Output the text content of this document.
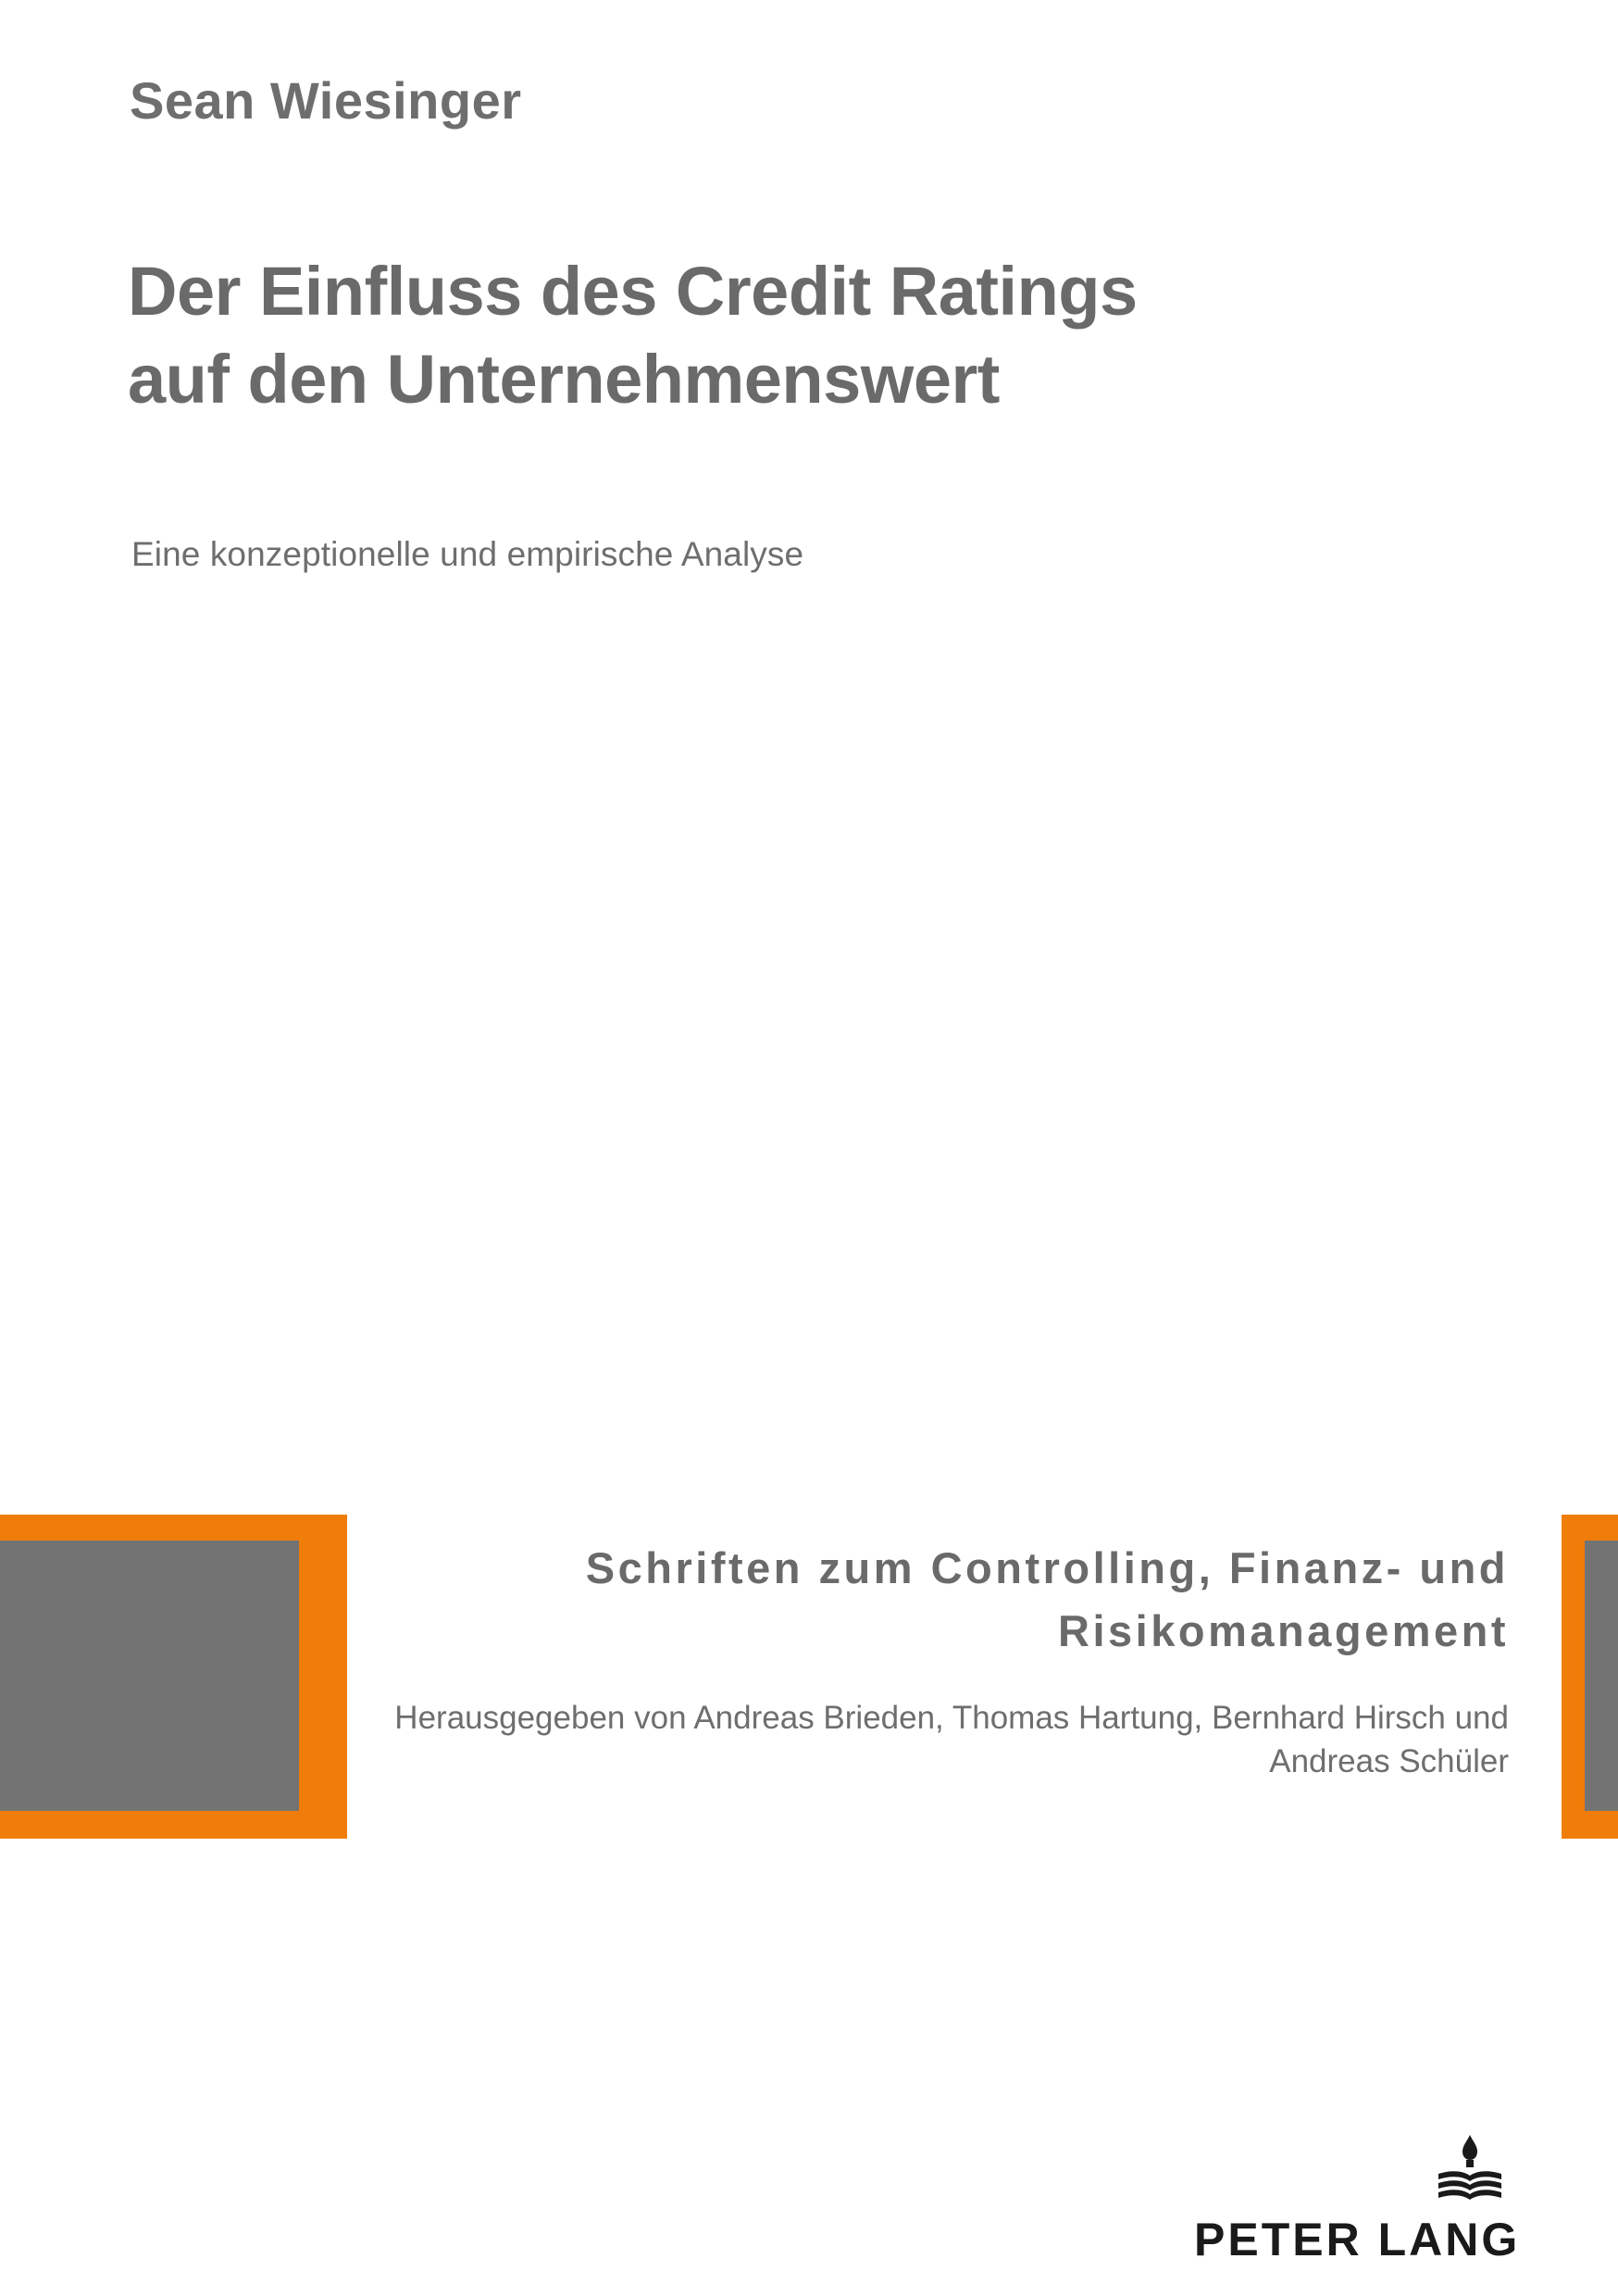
Sean Wiesinger
Der Einfluss des Credit Ratings auf den Unternehmenswert
Eine konzeptionelle und empirische Analyse
Schriften zum Controlling, Finanz- und Risikomanagement
Herausgegeben von Andreas Brieden, Thomas Hartung, Bernhard Hirsch und Andreas Schüler
PETER LANG
